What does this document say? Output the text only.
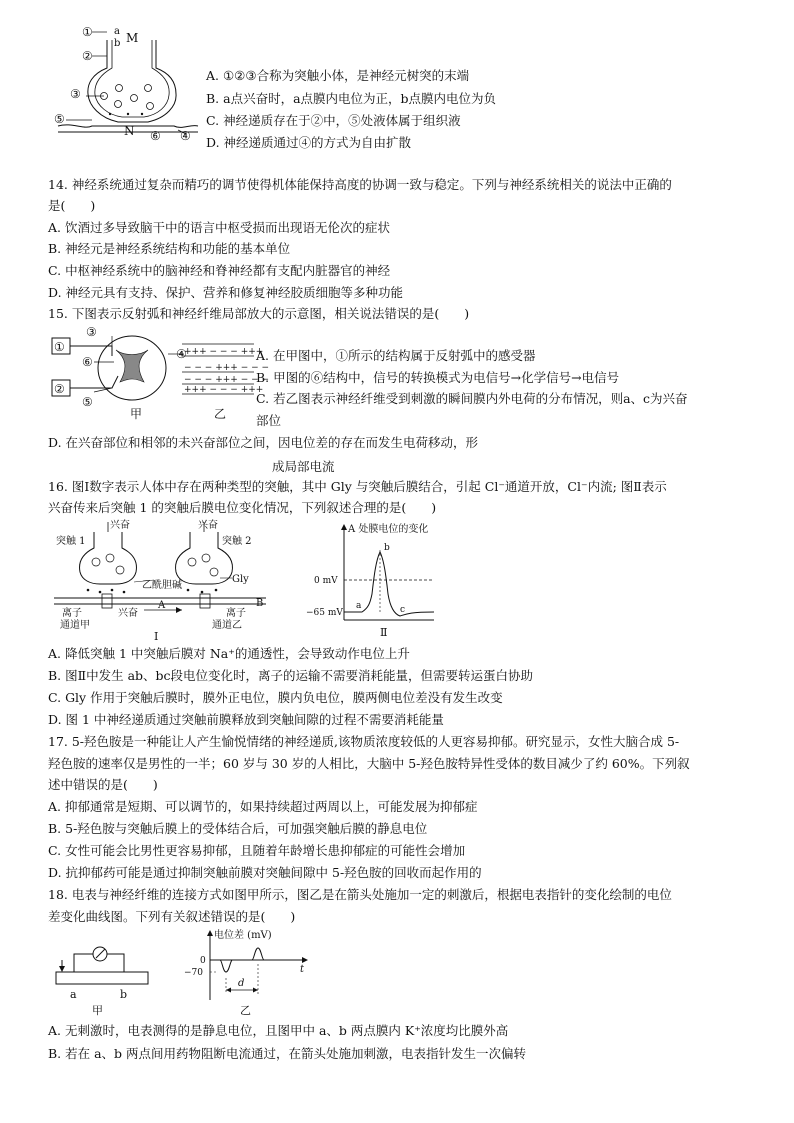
①
②
③
⑤
⑥ ④
a
b M
N
A. ①②③合称为突触小体，是神经元树突的末端
B. a点兴奋时，a点膜内电位为正，b点膜内电位为负
C. 神经递质存在于②中，⑤处液体属于组织液
D. 神经递质通过④的方式为自由扩散
14. 神经系统通过复杂而精巧的调节使得机体能保持高度的协调一致与稳定。下列与神经系统相关的说法中正确的
是(　　)
A. 饮酒过多导致脑干中的语言中枢受损而出现语无伦次的症状
B. 神经元是神经系统结构和功能的基本单位
C. 中枢神经系统中的脑神经和脊神经都有支配内脏器官的神经
D. 神经元具有支持、保护、营养和修复神经胶质细胞等多种功能
15. 下图表示反射弧和神经纤维局部放大的示意图，相关说法错误的是(　　)
+++ − − − +++
− − − +++ − − −
− − − +++ − − −
+++ − − − +++
①
②
③
⑥
⑤
④
甲	乙
A. 在甲图中，①所示的结构属于反射弧中的感受器
B. 甲图的⑥结构中，信号的转换模式为电信号→化学信号→电信号
C. 若乙图表示神经纤维受到刺激的瞬间膜内外电荷的分布情况，则a、c为兴奋
部位
D. 在兴奋部位和相邻的未兴奋部位之间，因电位差的存在而发生电荷移动，形
成局部电流
16. 图Ⅰ数字表示人体中存在两种类型的突触，其中 Gly 与突触后膜结合，引起 Cl⁻通道开放，Cl⁻内流; 图Ⅱ表示
兴奋传来后突触 1 的突触后膜电位变化情况，下列叙述合理的是(　　)
兴奋	兴奋
突触 1	突触 2
乙酰胆碱
Gly
离子
通道甲
兴奋
A	B
离子
通道乙
Ⅰ
A 处膜电位的变化
0 mV
−65 mV
a
b
c
Ⅱ
A. 降低突触 1 中突触后膜对 Na⁺的通透性，会导致动作电位上升
B. 图Ⅱ中发生 ab、bc段电位变化时，离子的运输不需要消耗能量，但需要转运蛋白协助
C. Gly 作用于突触后膜时，膜外正电位，膜内负电位，膜两侧电位差没有发生改变
D. 图 1 中神经递质通过突触前膜释放到突触间隙的过程不需要消耗能量
17. 5-羟色胺是一种能让人产生愉悦情绪的神经递质,该物质浓度较低的人更容易抑郁。研究显示，女性大脑合成 5-
羟色胺的速率仅是男性的一半；60 岁与 30 岁的人相比，大脑中 5-羟色胺特异性受体的数目减少了约 60%。下列叙
述中错误的是(　　)
A. 抑郁通常是短期、可以调节的，如果持续超过两周以上，可能发展为抑郁症
B. 5-羟色胺与突触后膜上的受体结合后，可加强突触后膜的静息电位
C. 女性可能会比男性更容易抑郁，且随着年龄增长患抑郁症的可能性会增加
D. 抗抑郁药可能是通过抑制突触前膜对突触间隙中 5-羟色胺的回收而起作用的
18. 电表与神经纤维的连接方式如图甲所示，图乙是在箭头处施加一定的刺激后，根据电表指针的变化绘制的电位
差变化曲线图。下列有关叙述错误的是(　　)
a	b
甲
电位差 (mV)
0
−70	t
d
乙
A. 无刺激时，电表测得的是静息电位，且图甲中 a、b 两点膜内 K⁺浓度均比膜外高
B. 若在 a、b 两点间用药物阻断电流通过，在箭头处施加刺激，电表指针发生一次偏转
